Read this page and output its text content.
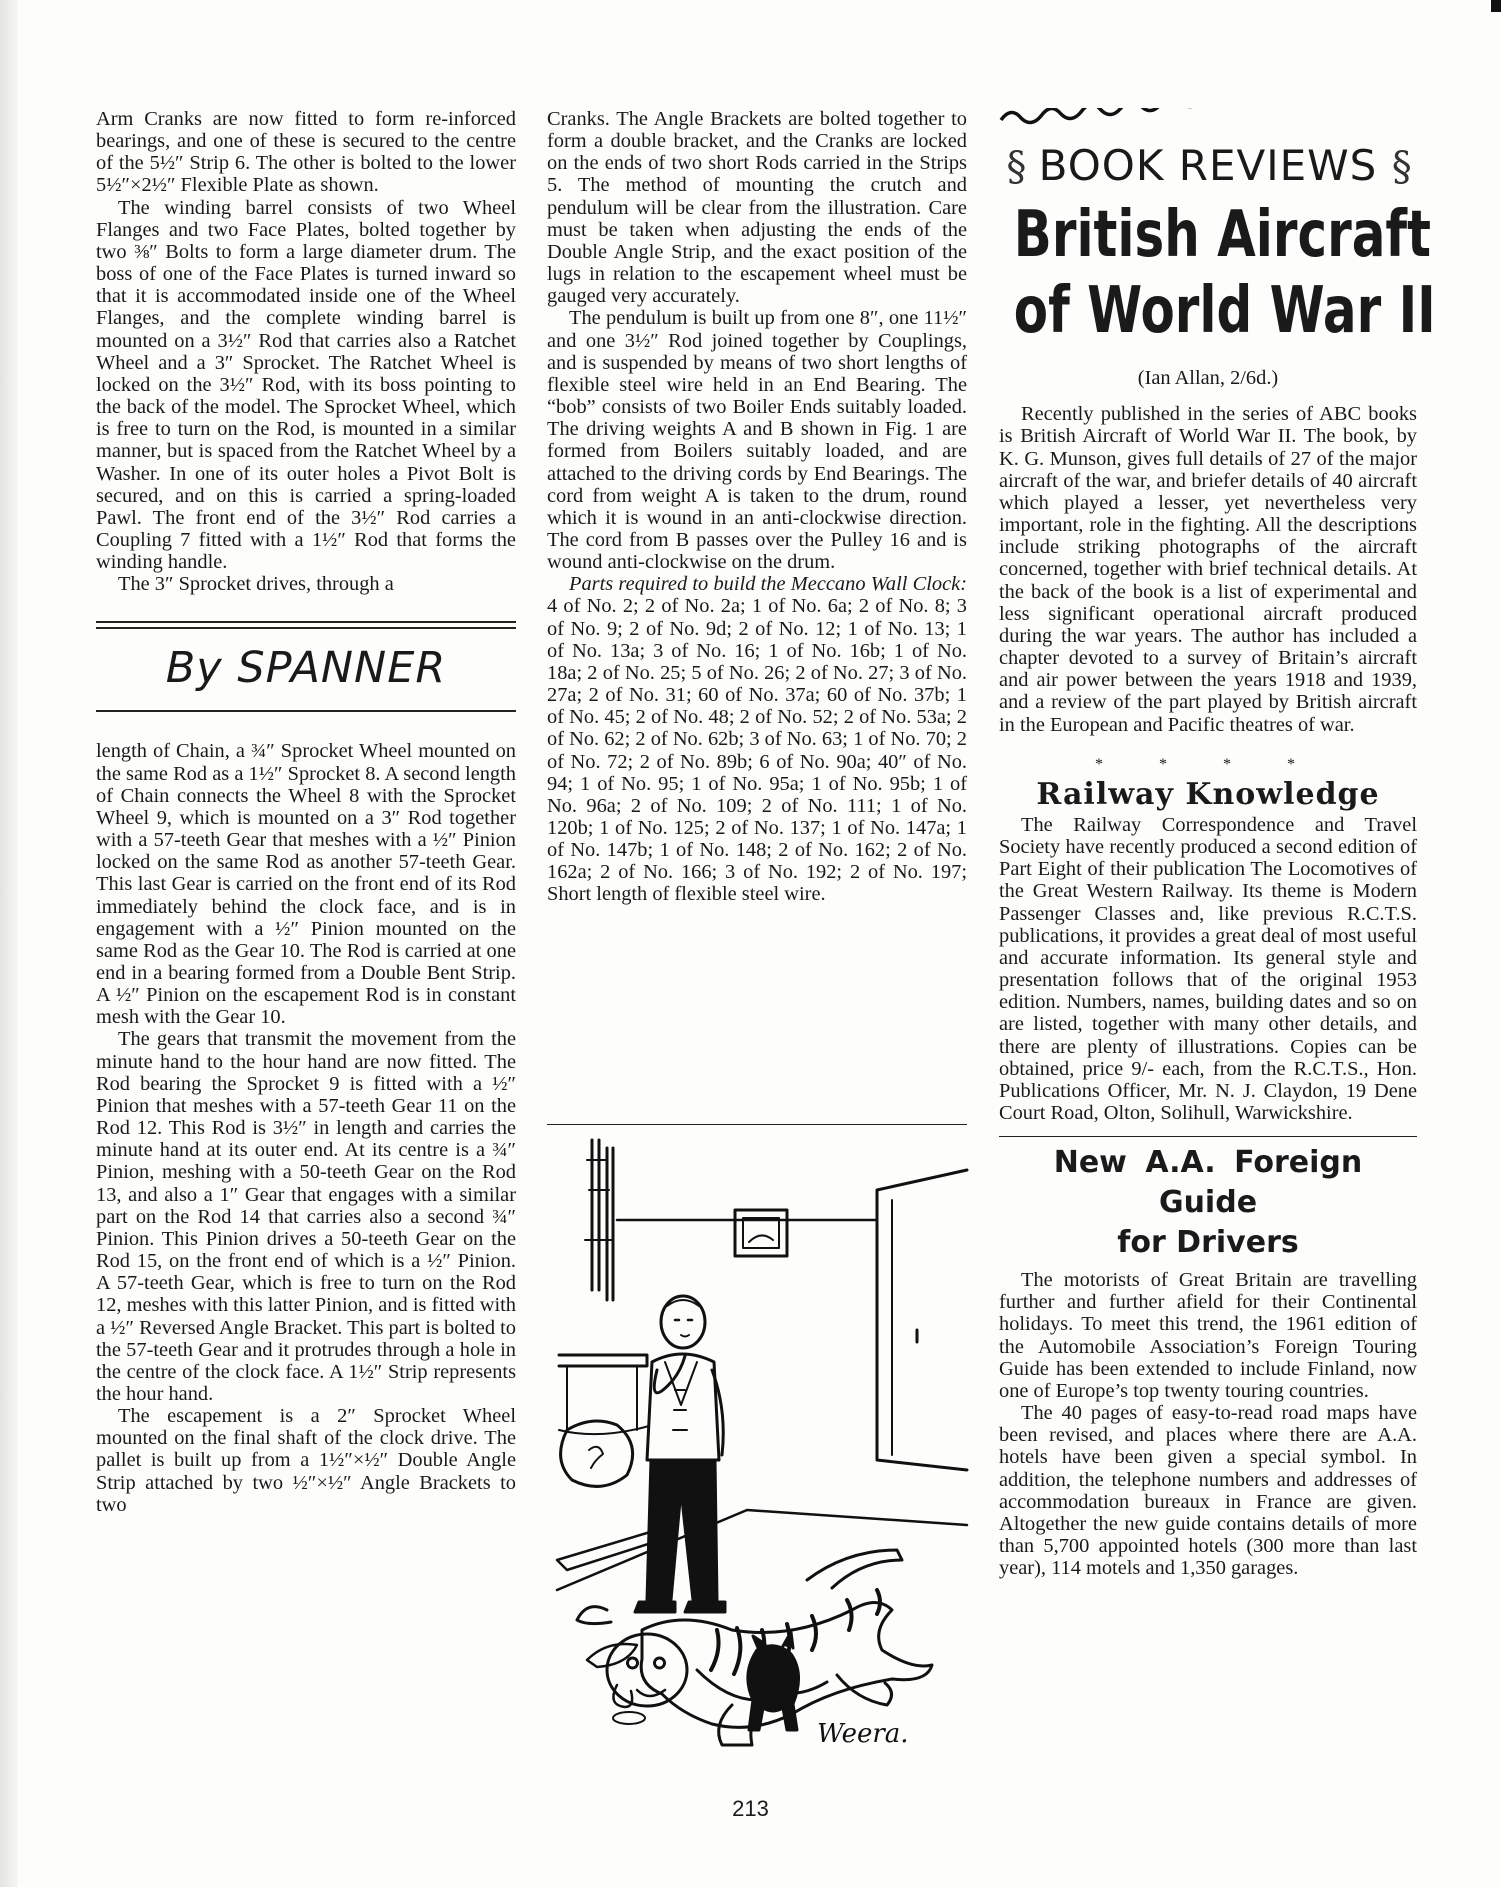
Arm Cranks are now fitted to form re-inforced bearings, and one of these is secured to the centre of the 5½″ Strip 6. The other is bolted to the lower 5½″×2½″ Flexible Plate as shown.

The winding barrel consists of two Wheel Flanges and two Face Plates, bolted together by two ⅜″ Bolts to form a large diameter drum. The boss of one of the Face Plates is turned inward so that it is accommodated inside one of the Wheel Flanges, and the complete winding barrel is mounted on a 3½″ Rod that carries also a Ratchet Wheel and a 3″ Sprocket. The Ratchet Wheel is locked on the 3½″ Rod, with its boss pointing to the back of the model. The Sprocket Wheel, which is free to turn on the Rod, is mounted in a similar manner, but is spaced from the Ratchet Wheel by a Washer. In one of its outer holes a Pivot Bolt is secured, and on this is carried a spring-loaded Pawl. The front end of the 3½″ Rod carries a Coupling 7 fitted with a 1½″ Rod that forms the winding handle.

The 3″ Sprocket drives, through a

By SPANNER

length of Chain, a ¾″ Sprocket Wheel mounted on the same Rod as a 1½″ Sprocket 8. A second length of Chain connects the Wheel 8 with the Sprocket Wheel 9, which is mounted on a 3″ Rod together with a 57-teeth Gear that meshes with a ½″ Pinion locked on the same Rod as another 57-teeth Gear. This last Gear is carried on the front end of its Rod immediately behind the clock face, and is in engagement with a ½″ Pinion mounted on the same Rod as the Gear 10. The Rod is carried at one end in a bearing formed from a Double Bent Strip. A ½″ Pinion on the escapement Rod is in constant mesh with the Gear 10.

The gears that transmit the movement from the minute hand to the hour hand are now fitted. The Rod bearing the Sprocket 9 is fitted with a ½″ Pinion that meshes with a 57-teeth Gear 11 on the Rod 12. This Rod is 3½″ in length and carries the minute hand at its outer end. At its centre is a ¾″ Pinion, meshing with a 50-teeth Gear on the Rod 13, and also a 1″ Gear that engages with a similar part on the Rod 14 that carries also a second ¾″ Pinion. This Pinion drives a 50-teeth Gear on the Rod 15, on the front end of which is a ½″ Pinion. A 57-teeth Gear, which is free to turn on the Rod 12, meshes with this latter Pinion, and is fitted with a ½″ Reversed Angle Bracket. This part is bolted to the 57-teeth Gear and it protrudes through a hole in the centre of the clock face. A 1½″ Strip represents the hour hand.

The escapement is a 2″ Sprocket Wheel mounted on the final shaft of the clock drive. The pallet is built up from a 1½″×½″ Double Angle Strip attached by two ½″×½″ Angle Brackets to two

Cranks. The Angle Brackets are bolted together to form a double bracket, and the Cranks are locked on the ends of two short Rods carried in the Strips 5. The method of mounting the crutch and pendulum will be clear from the illustration. Care must be taken when adjusting the ends of the Double Angle Strip, and the exact position of the lugs in relation to the escapement wheel must be gauged very accurately.

The pendulum is built up from one 8″, one 11½″ and one 3½″ Rod joined together by Couplings, and is suspended by means of two short lengths of flexible steel wire held in an End Bearing. The “bob” consists of two Boiler Ends suitably loaded. The driving weights A and B shown in Fig. 1 are formed from Boilers suitably loaded, and are attached to the driving cords by End Bearings. The cord from weight A is taken to the drum, round which it is wound in an anti-clockwise direction. The cord from B passes over the Pulley 16 and is wound anti-clockwise on the drum.

Parts required to build the Meccano Wall Clock: 4 of No. 2; 2 of No. 2a; 1 of No. 6a; 2 of No. 8; 3 of No. 9; 2 of No. 9d; 2 of No. 12; 1 of No. 13; 1 of No. 13a; 3 of No. 16; 1 of No. 16b; 1 of No. 18a; 2 of No. 25; 5 of No. 26; 2 of No. 27; 3 of No. 27a; 2 of No. 31; 60 of No. 37a; 60 of No. 37b; 1 of No. 45; 2 of No. 48; 2 of No. 52; 2 of No. 53a; 2 of No. 62; 2 of No. 62b; 3 of No. 63; 1 of No. 70; 2 of No. 72; 2 of No. 89b; 6 of No. 90a; 40″ of No. 94; 1 of No. 95; 1 of No. 95a; 1 of No. 95b; 1 of No. 96a; 2 of No. 109; 2 of No. 111; 1 of No. 120b; 1 of No. 125; 2 of No. 137; 1 of No. 147a; 1 of No. 147b; 1 of No. 148; 2 of No. 162; 2 of No. 162a; 2 of No. 166; 3 of No. 192; 2 of No. 197; Short length of flexible steel wire.

Weera.
§ BOOK REVIEWS §
British Aircraft
of World War II
(Ian Allan, 2/6d.)

Recently published in the series of ABC books is British Aircraft of World War II. The book, by K. G. Munson, gives full details of 27 of the major aircraft of the war, and briefer details of 40 aircraft which played a lesser, yet nevertheless very important, role in the fighting. All the descriptions include striking photographs of the aircraft concerned, together with brief technical details. At the back of the book is a list of experimental and less significant operational aircraft produced during the war years. The author has included a chapter devoted to a survey of Britain’s aircraft and air power between the years 1918 and 1939, and a review of the part played by British aircraft in the European and Pacific theatres of war.

* * * *
Railway Knowledge

The Railway Correspondence and Travel Society have recently produced a second edition of Part Eight of their publication The Locomotives of the Great Western Railway. Its theme is Modern Passenger Classes and, like previous R.C.T.S. publications, it provides a great deal of most useful and accurate information. Its general style and presentation follows that of the original 1953 edition. Numbers, names, building dates and so on are listed, together with many other details, and there are plenty of illustrations. Copies can be obtained, price 9/- each, from the R.C.T.S., Hon. Publications Officer, Mr. N. J. Claydon, 19 Dene Court Road, Olton, Solihull, Warwickshire.

New A.A. Foreign Guide
for Drivers

The motorists of Great Britain are travelling further and further afield for their Continental holidays. To meet this trend, the 1961 edition of the Automobile Association’s Foreign Touring Guide has been extended to include Finland, now one of Europe’s top twenty touring countries.

The 40 pages of easy-to-read road maps have been revised, and places where there are A.A. hotels have been given a special symbol. In addition, the telephone numbers and addresses of accommodation bureaux in France are given. Altogether the new guide contains details of more than 5,700 appointed hotels (300 more than last year), 114 motels and 1,350 garages.

213
